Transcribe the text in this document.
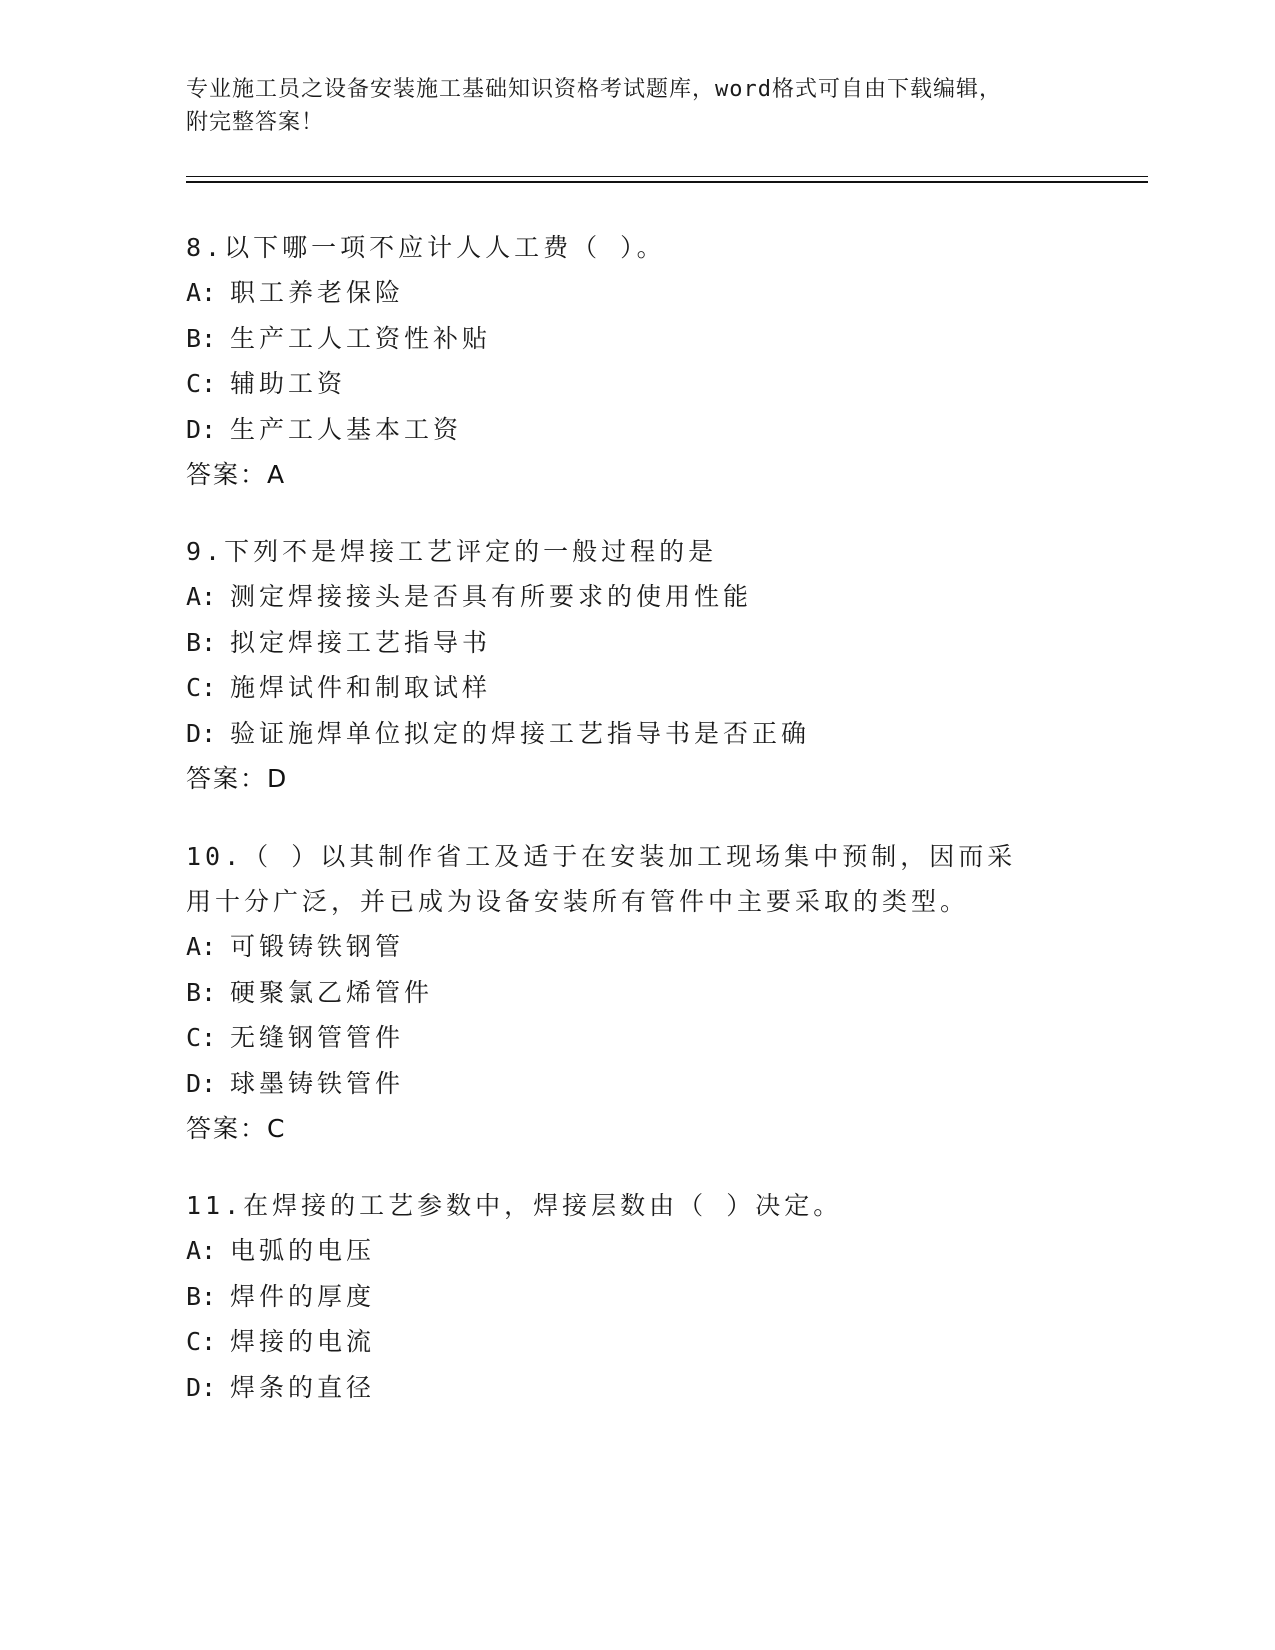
专业施工员之设备安装施工基础知识资格考试题库，word格式可自由下载编辑，
附完整答案！

8.以下哪一项不应计人人工费（ ）。

A: 职工养老保险

B: 生产工人工资性补贴

C: 辅助工资

D: 生产工人基本工资

答案：A

9.下列不是焊接工艺评定的一般过程的是

A: 测定焊接接头是否具有所要求的使用性能

B: 拟定焊接工艺指导书

C: 施焊试件和制取试样

D: 验证施焊单位拟定的焊接工艺指导书是否正确

答案：D

10.（ ）以其制作省工及适于在安装加工现场集中预制，因而采用十分广泛，并已成为设备安装所有管件中主要采取的类型。

A: 可锻铸铁钢管

B: 硬聚氯乙烯管件

C: 无缝钢管管件

D: 球墨铸铁管件

答案：C

11.在焊接的工艺参数中，焊接层数由（ ）决定。

A: 电弧的电压

B: 焊件的厚度

C: 焊接的电流

D: 焊条的直径
